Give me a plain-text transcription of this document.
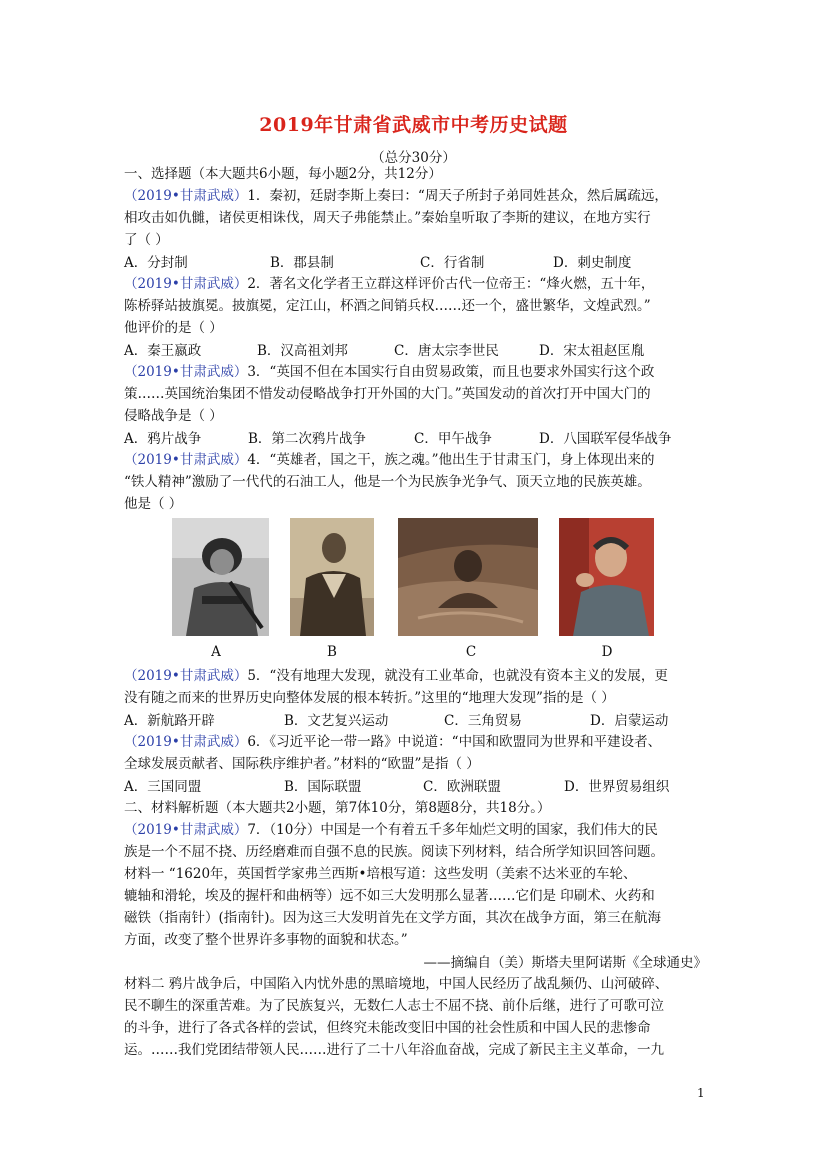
2019年甘肃省武威市中考历史试题
（总分30分）
一、选择题（本大题共6小题，每小题2分，共12分）
（2019•甘肃武威）1．秦初，廷尉李斯上奏曰：“周天子所封子弟同姓甚众，然后属疏远，
相攻击如仇雠，诸侯更相诛伐，周天子弗能禁止。”秦始皇听取了李斯的建议，在地方实行
了（ ）
A．分封制	B．郡县制	C．行省制	D．刺史制度
（2019•甘肃武威）2．著名文化学者王立群这样评价古代一位帝王：“烽火燃，五十年，
陈桥驿站披旗冕。披旗冕，定江山，杯酒之间销兵权……还一个，盛世繁华，文煌武烈。”
他评价的是（ ）
A．秦王嬴政	B．汉高祖刘邦	C．唐太宗李世民	D．宋太祖赵匡胤
（2019•甘肃武威）3．“英国不但在本国实行自由贸易政策，而且也要求外国实行这个政
策……英国统治集团不惜发动侵略战争打开外国的大门。”英国发动的首次打开中国大门的
侵略战争是（ ）
A．鸦片战争	B．第二次鸦片战争	C．甲午战争	D．八国联军侵华战争
（2019•甘肃武威）4．“英雄者，国之干，族之魂。”他出生于甘肃玉门，身上体现出来的
“铁人精神”激励了一代代的石油工人，他是一个为民族争光争气、顶天立地的民族英雄。
他是（ ）
A	B	C	D
（2019•甘肃武威）5．“没有地理大发现，就没有工业革命，也就没有资本主义的发展，更
没有随之而来的世界历史向整体发展的根本转折。”这里的“地理大发现”指的是（ ）
A．新航路开辟	B．文艺复兴运动	C．三角贸易	D．启蒙运动
（2019•甘肃武威）6．《习近平论一带一路》中说道：“中国和欧盟同为世界和平建设者、
全球发展贡献者、国际秩序维护者。”材料的“欧盟”是指（ ）
A．三国同盟	B．国际联盟	C．欧洲联盟	D．世界贸易组织
二、材料解析题（本大题共2小题，第7体10分，第8题8分，共18分。）
（2019•甘肃武威）7．（10分）中国是一个有着五千多年灿烂文明的国家，我们伟大的民
族是一个不屈不挠、历经磨难而自强不息的民族。阅读下列材料，结合所学知识回答问题。
材料一 “1620年，英国哲学家弗兰西斯•培根写道：这些发明（美索不达米亚的车轮、
辘轴和滑轮，埃及的握杆和曲柄等）远不如三大发明那么显著……它们是 印刷术、火药和
磁铁（指南针）(指南针)。因为这三大发明首先在文学方面，其次在战争方面，第三在航海
方面，改变了整个世界许多事物的面貌和状态。”
——摘编自（美）斯塔夫里阿诺斯《全球通史》
材料二 鸦片战争后，中国陷入内忧外患的黑暗境地，中国人民经历了战乱频仍、山河破碎、
民不聊生的深重苦难。为了民族复兴，无数仁人志士不屈不挠、前仆后继，进行了可歌可泣
的斗争，进行了各式各样的尝试，但终究未能改变旧中国的社会性质和中国人民的悲惨命
运。……我们党团结带领人民……进行了二十八年浴血奋战，完成了新民主主义革命，一九
1
